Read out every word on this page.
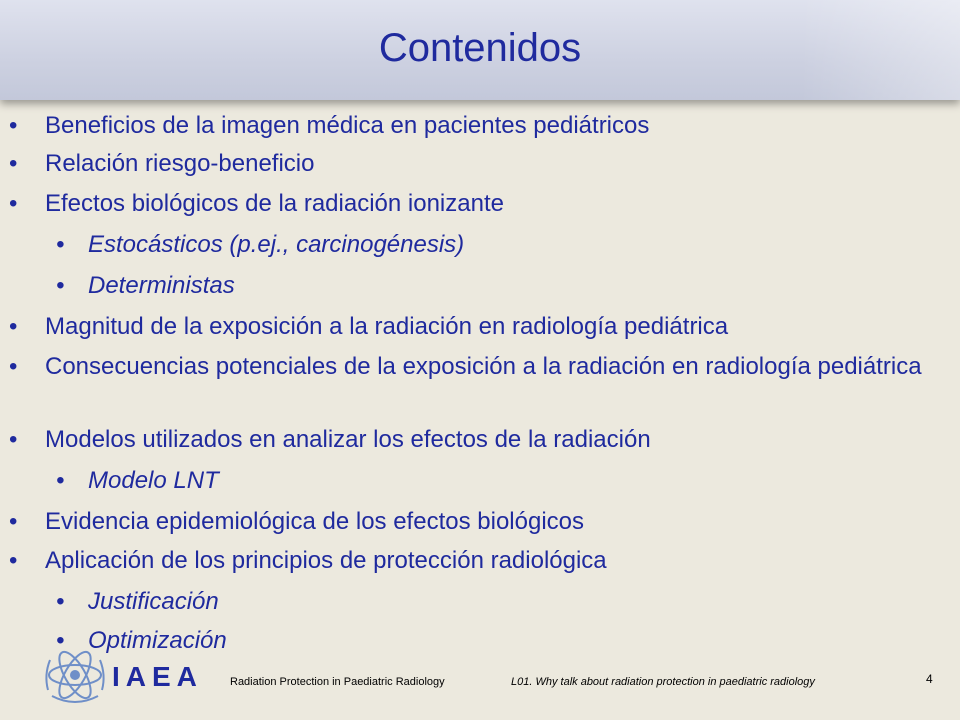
Contenidos
• Beneficios de la imagen médica en pacientes pediátricos
• Relación riesgo-beneficio
• Efectos biológicos de la radiación ionizante
• Estocásticos (p.ej., carcinogénesis)
• Deterministas
• Magnitud de la exposición a la radiación en radiología pediátrica
• Consecuencias potenciales de la exposición a la radiación en radiología pediátrica
• Modelos utilizados en analizar los efectos de la radiación
• Modelo LNT
• Evidencia epidemiológica de los efectos biológicos
• Aplicación de los principios de protección radiológica
• Justificación
• Optimización
IAEA Radiation Protection in Paediatric Radiology	L01. Why talk about radiation protection in paediatric radiology	4
